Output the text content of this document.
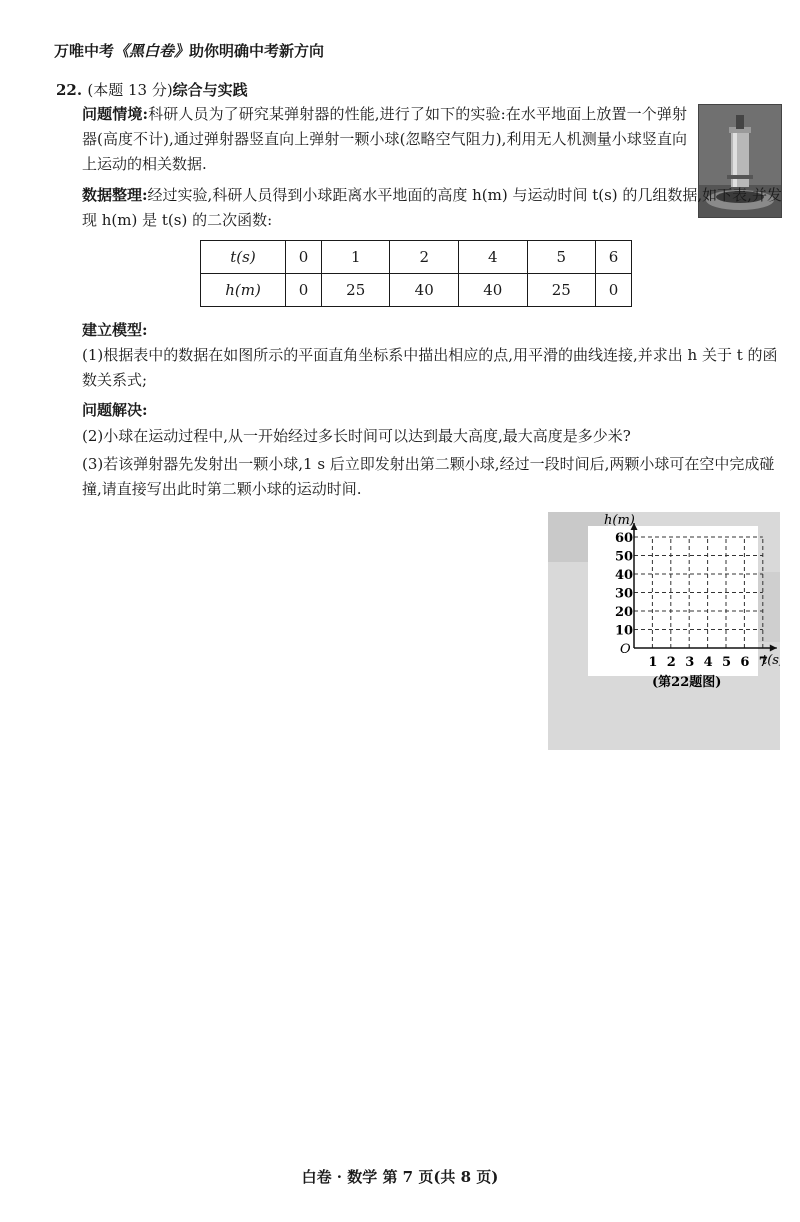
万唯中考《黑白卷》助你明确中考新方向
22. (本题 13 分)综合与实践
问题情境:科研人员为了研究某弹射器的性能,进行了如下的实验:在水平地面上放置一个弹射器(高度不计),通过弹射器竖直向上弹射一颗小球(忽略空气阻力),利用无人机测量小球竖直向上运动的相关数据.
数据整理:经过实验,科研人员得到小球距离水平地面的高度 h(m) 与运动时间 t(s) 的几组数据,如下表,并发现 h(m) 是 t(s) 的二次函数:
t(s)	0	1	2	4	5	6
h(m)	0	25	40	40	25	0
建立模型:
(1)根据表中的数据在如图所示的平面直角坐标系中描出相应的点,用平滑的曲线连接,并求出 h 关于 t 的函数关系式;
问题解决:
(2)小球在运动过程中,从一开始经过多长时间可以达到最大高度,最大高度是多少米?
(3)若该弹射器先发射出一颗小球,1 s 后立即发射出第二颗小球,经过一段时间后,两颗小球可在空中完成碰撞,请直接写出此时第二颗小球的运动时间.
1 2 3 4 5 6 7
10
20
30
40
50
60
h(m)
t(s
O
(第22题图)
白卷 · 数学 第 7 页(共 8 页)
